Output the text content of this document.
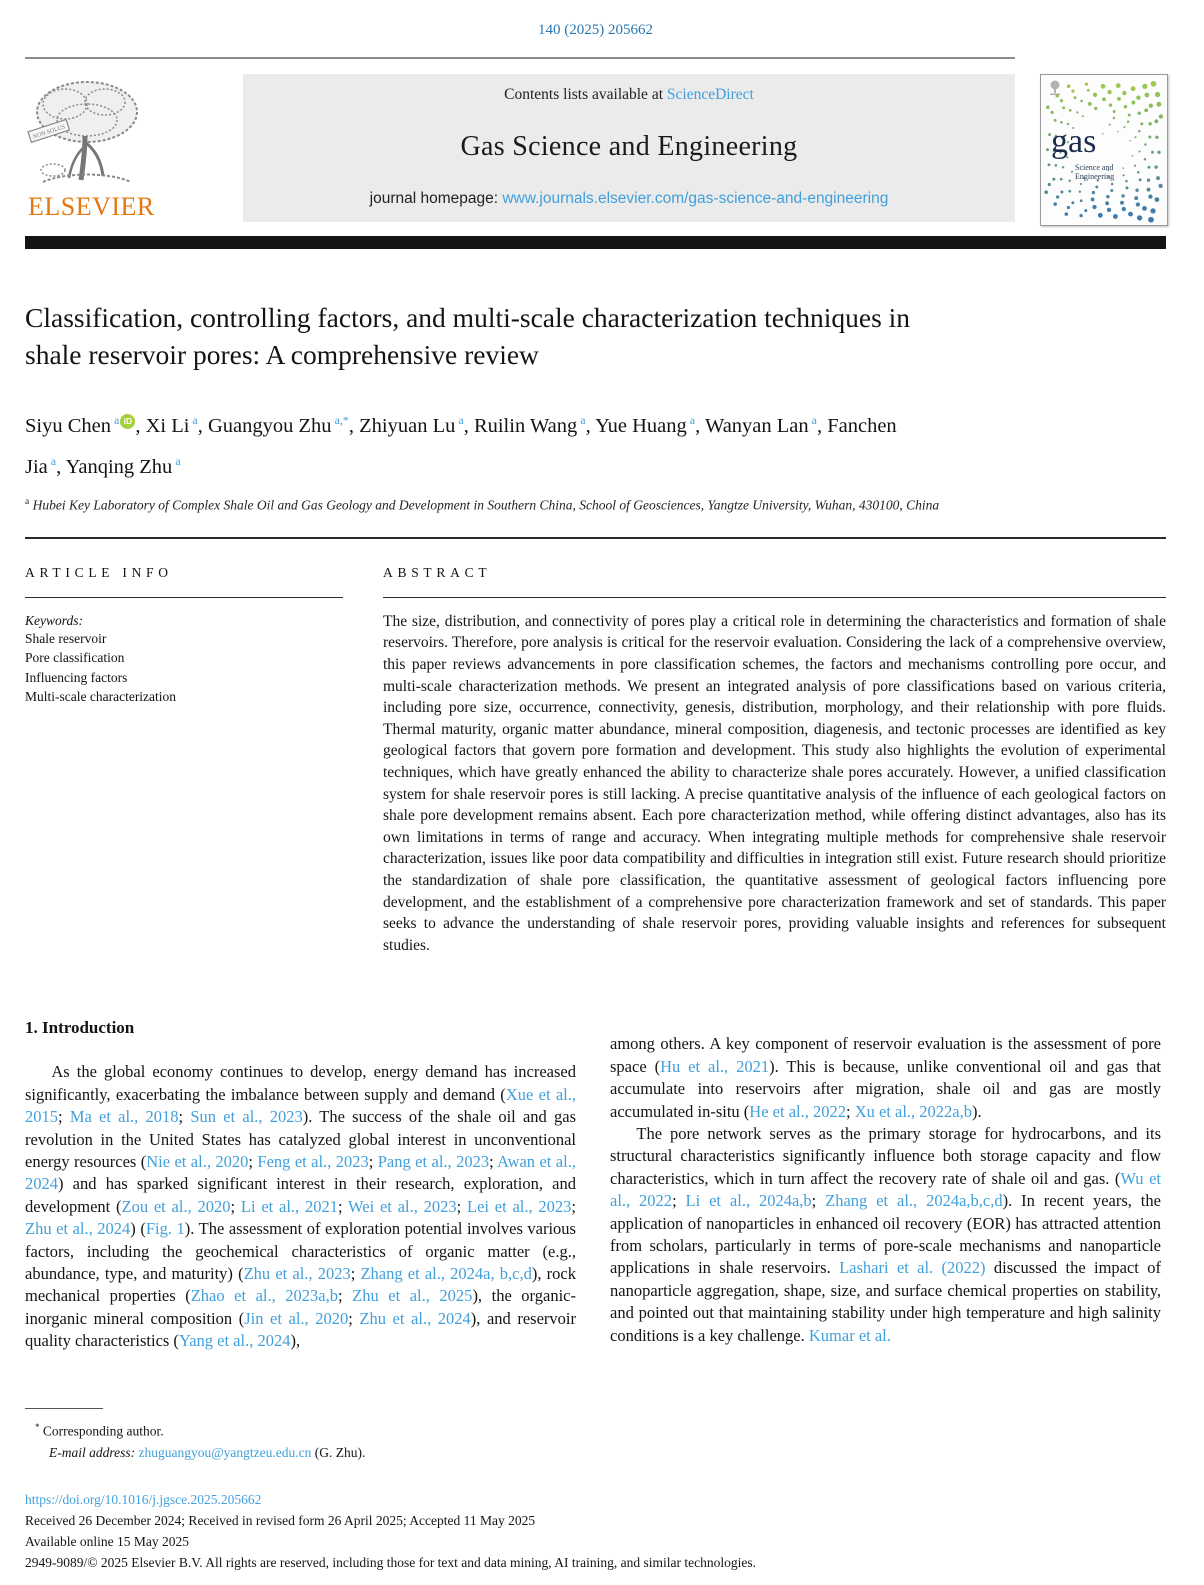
140 (2025) 205662
NON SOLUS
ELSEVIER
Contents lists available at ScienceDirect
Gas Science and Engineering
journal homepage: www.journals.elsevier.com/gas-science-and-engineering
gas
Science and
Engineering
Classification, controlling factors, and multi-scale characterization techniques in shale reservoir pores: A comprehensive review
Siyu Chen $^a$ iD , Xi Li $^a$, Guangyou Zhu $^{a,*}$, Zhiyuan Lu $^a$, Ruilin Wang $^a$, Yue Huang $^a$, Wanyan Lan $^a$, Fanchen Jia $^a$, Yanqing Zhu $^a$
$^a$ Hubei Key Laboratory of Complex Shale Oil and Gas Geology and Development in Southern China, School of Geosciences, Yangtze University, Wuhan, 430100, China
ARTICLE INFO
Keywords:
Shale reservoir
Pore classification
Influencing factors
Multi-scale characterization
ABSTRACT

The size, distribution, and connectivity of pores play a critical role in determining the characteristics and formation of shale reservoirs. Therefore, pore analysis is critical for the reservoir evaluation. Considering the lack of a comprehensive overview, this paper reviews advancements in pore classification schemes, the factors and mechanisms controlling pore occur, and multi-scale characterization methods. We present an integrated analysis of pore classifications based on various criteria, including pore size, occurrence, connectivity, genesis, distribution, morphology, and their relationship with pore fluids. Thermal maturity, organic matter abundance, mineral composition, diagenesis, and tectonic processes are identified as key geological factors that govern pore formation and development. This study also highlights the evolution of experimental techniques, which have greatly enhanced the ability to characterize shale pores accurately. However, a unified classification system for shale reservoir pores is still lacking. A precise quantitative analysis of the influence of each geological factors on shale pore development remains absent. Each pore characterization method, while offering distinct advantages, also has its own limitations in terms of range and accuracy. When integrating multiple methods for comprehensive shale reservoir characterization, issues like poor data compatibility and difficulties in integration still exist. Future research should prioritize the standardization of shale pore classification, the quantitative assessment of geological factors influencing pore development, and the establishment of a comprehensive pore characterization framework and set of standards. This paper seeks to advance the understanding of shale reservoir pores, providing valuable insights and references for subsequent studies.

1. Introduction

As the global economy continues to develop, energy demand has increased significantly, exacerbating the imbalance between supply and demand (Xue et al., 2015; Ma et al., 2018; Sun et al., 2023). The success of the shale oil and gas revolution in the United States has catalyzed global interest in unconventional energy resources (Nie et al., 2020; Feng et al., 2023; Pang et al., 2023; Awan et al., 2024) and has sparked significant interest in their research, exploration, and development (Zou et al., 2020; Li et al., 2021; Wei et al., 2023; Lei et al., 2023; Zhu et al., 2024) (Fig. 1). The assessment of exploration potential involves various factors, including the geochemical characteristics of organic matter (e.g., abundance, type, and maturity) (Zhu et al., 2023; Zhang et al., 2024a, b,c,d), rock mechanical properties (Zhao et al., 2023a,b; Zhu et al., 2025), the organic-inorganic mineral composition (Jin et al., 2020; Zhu et al., 2024), and reservoir quality characteristics (Yang et al., 2024),

among others. A key component of reservoir evaluation is the assessment of pore space (Hu et al., 2021). This is because, unlike conventional oil and gas that accumulate into reservoirs after migration, shale oil and gas are mostly accumulated in-situ (He et al., 2022; Xu et al., 2022a,b).

The pore network serves as the primary storage for hydrocarbons, and its structural characteristics significantly influence both storage capacity and flow characteristics, which in turn affect the recovery rate of shale oil and gas. (Wu et al., 2022; Li et al., 2024a,b; Zhang et al., 2024a,b,c,d). In recent years, the application of nanoparticles in enhanced oil recovery (EOR) has attracted attention from scholars, particularly in terms of pore-scale mechanisms and nanoparticle applications in shale reservoirs. Lashari et al. (2022) discussed the impact of nanoparticle aggregation, shape, size, and surface chemical properties on stability, and pointed out that maintaining stability under high temperature and high salinity conditions is a key challenge. Kumar et al.

* Corresponding author.
E-mail address: zhuguangyou@yangtzeu.edu.cn (G. Zhu).
https://doi.org/10.1016/j.jgsce.2025.205662
Received 26 December 2024; Received in revised form 26 April 2025; Accepted 11 May 2025
Available online 15 May 2025
2949-9089/© 2025 Elsevier B.V. All rights are reserved, including those for text and data mining, AI training, and similar technologies.
